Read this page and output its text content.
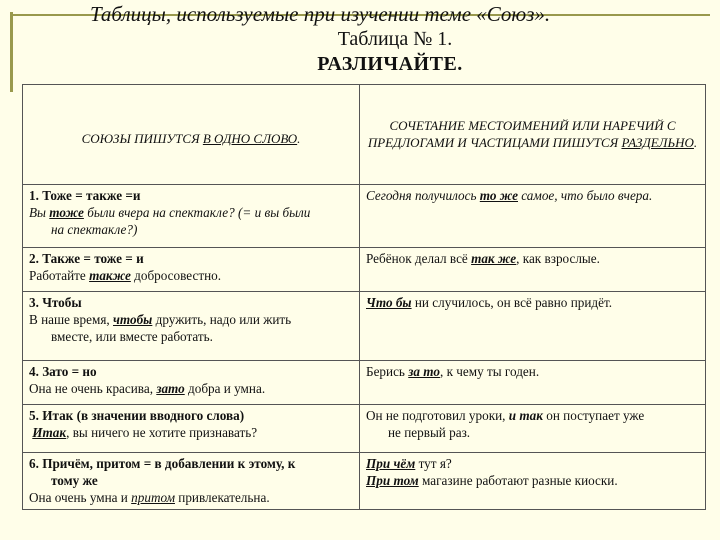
Таблицы, используемые при изучении теме «Союз».
Таблица № 1.
РАЗЛИЧАЙТЕ.
СОЮЗЫ ПИШУТСЯ В ОДНО СЛОВО.	СОЧЕТАНИЕ МЕСТОИМЕНИЙ ИЛИ НАРЕЧИЙ С ПРЕДЛОГАМИ И ЧАСТИЦАМИ ПИШУТСЯ РАЗДЕЛЬНО.
1. Тоже = также =и
Вы тоже были вчера на спектакле? (= и вы были
на спектакле?)	Сегодня получилось то же самое, что было вчера.
2. Также = тоже = и
Работайте также добросовестно.	Ребёнок делал всё так же, как взрослые.
3. Чтобы
В наше время, чтобы дружить, надо или жить
вместе, или вместе работать.	Что бы ни случилось, он всё равно придёт.
4. Зато = но
Она не очень красива, зато добра и умна.	Берись за то, к чему ты годен.
5. Итак (в значении вводного слова)
Итак, вы ничего не хотите признавать?	Он не подготовил уроки, и так он поступает уже
не первый раз.

6. Причём, притом = в добавлении к этому, к
тому же
Она очень умна и притом привлекательна.	При чём тут я?
При том магазине работают разные киоски.
